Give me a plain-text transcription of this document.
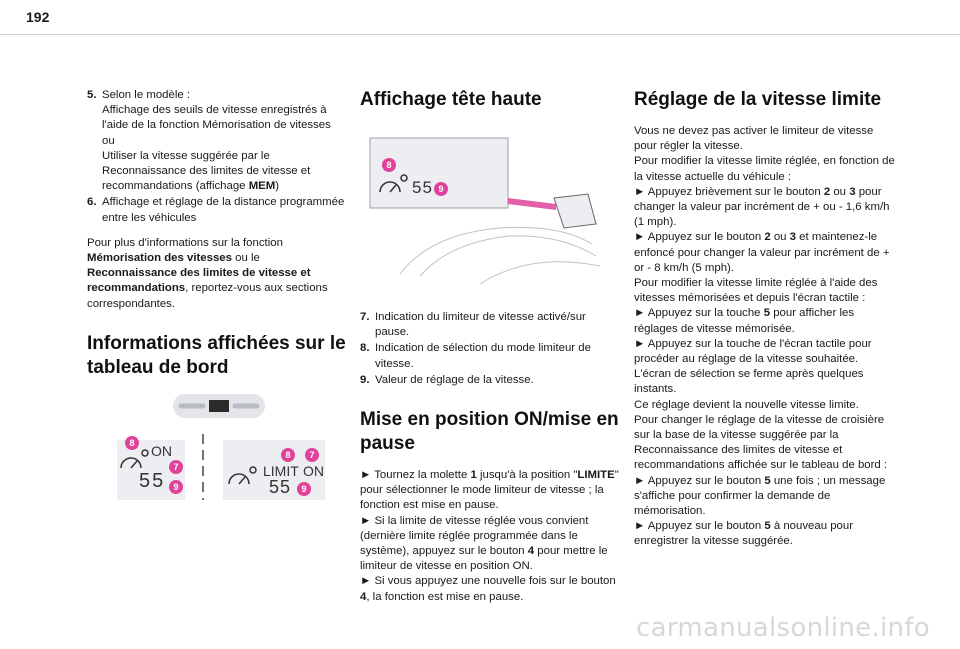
192
5. Selon le modèle :
Affichage des seuils de vitesse enregistrés à l'aide de la fonction Mémorisation de vitesses
ou
Utiliser la vitesse suggérée par le Reconnaissance des limites de vitesse et recommandations (affichage MEM)
6. Affichage et réglage de la distance programmée entre les véhicules
Pour plus d'informations sur la fonction Mémorisation des vitesses ou le Reconnaissance des limites de vitesse et recommandations, reportez-vous aux sections correspondantes.
Informations affichées sur le tableau de bord
ON
55	LIMIT ON
55
8
7
9
8	7
9
Affichage tête haute
55
8
9
7. Indication du limiteur de vitesse activé/sur pause.
8. Indication de sélection du mode limiteur de vitesse.
9. Valeur de réglage de la vitesse.
Mise en position ON/mise en pause
► Tournez la molette 1 jusqu'à la position "LIMITE" pour sélectionner le mode limiteur de vitesse ; la fonction est mise en pause.
► Si la limite de vitesse réglée vous convient (dernière limite réglée programmée dans le système), appuyez sur le bouton 4 pour mettre le limiteur de vitesse en position ON.
► Si vous appuyez une nouvelle fois sur le bouton 4, la fonction est mise en pause.
Réglage de la vitesse limite
Vous ne devez pas activer le limiteur de vitesse pour régler la vitesse.
Pour modifier la vitesse limite réglée, en fonction de la vitesse actuelle du véhicule :
► Appuyez brièvement sur le bouton 2 ou 3 pour changer la valeur par incrément de + ou - 1,6 km/h (1 mph).
► Appuyez sur le bouton 2 ou 3 et maintenez-le enfoncé pour changer la valeur par incrément de + or - 8 km/h (5 mph).
Pour modifier la vitesse limite réglée à l'aide des vitesses mémorisées et depuis l'écran tactile :
► Appuyez sur la touche 5 pour afficher les réglages de vitesse mémorisée.
► Appuyez sur la touche de l'écran tactile pour procéder au réglage de la vitesse souhaitée.
L'écran de sélection se ferme après quelques instants.
Ce réglage devient la nouvelle vitesse limite.
Pour changer le réglage de la vitesse de croisière sur la base de la vitesse suggérée par la Reconnaissance des limites de vitesse et recommandations affichée sur le tableau de bord :
► Appuyez sur le bouton 5 une fois ; un message s'affiche pour confirmer la demande de mémorisation.
► Appuyez sur le bouton 5 à nouveau pour enregistrer la vitesse suggérée.
carmanualsonline.info
